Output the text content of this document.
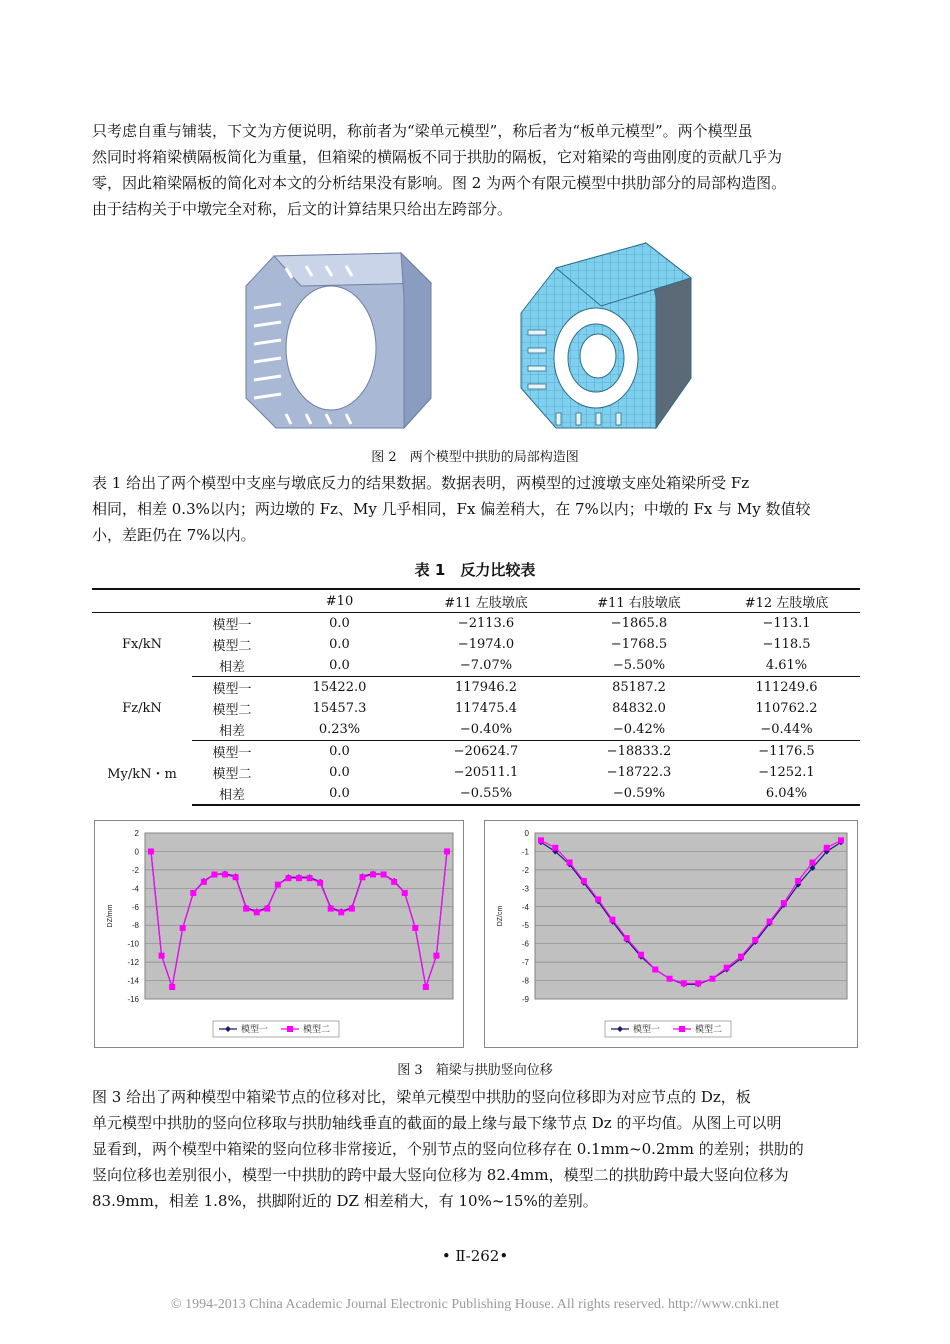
只考虑自重与铺装，下文为方便说明，称前者为“梁单元模型”，称后者为“板单元模型”。两个模型虽
然同时将箱梁横隔板简化为重量，但箱梁的横隔板不同于拱肋的隔板，它对箱梁的弯曲刚度的贡献几乎为
零，因此箱梁隔板的简化对本文的分析结果没有影响。图 2 为两个有限元模型中拱肋部分的局部构造图。
由于结构关于中墩完全对称，后文的计算结果只给出左跨部分。
图 2　两个模型中拱肋的局部构造图
表 1 给出了两个模型中支座与墩底反力的结果数据。数据表明，两模型的过渡墩支座处箱梁所受 Fz
相同，相差 0.3%以内；两边墩的 Fz、My 几乎相同，Fx 偏差稍大，在 7%以内；中墩的 Fx 与 My 数值较
小，差距仍在 7%以内。
表 1　反力比较表
		#10	#11 左肢墩底	#11 右肢墩底	#12 左肢墩底
Fx/kN	模型一	0.0	−2113.6	−1865.8	−113.1
	模型二	0.0	−1974.0	−1768.5	−118.5
	相差	0.0	−7.07%	−5.50%	4.61%
Fz/kN	模型一	15422.0	117946.2	85187.2	111249.6
	模型二	15457.3	117475.4	84832.0	110762.2
	相差	0.23%	−0.40%	−0.42%	−0.44%
My/kN・m	模型一	0.0	−20624.7	−18833.2	−1176.5
	模型二	0.0	−20511.1	−18722.3	−1252.1
	相差	0.0	−0.55%	−0.59%	6.04%
2
0
-2
-4
-6
-8
-10
-12
-14
-16
DZ/mm
模型一	模型二
0
-1
-2
-3
-4
-5
-6
-7
-8
-9
DZ/cm
模型一	模型二
图 3　箱梁与拱肋竖向位移
图 3 给出了两种模型中箱梁节点的位移对比，梁单元模型中拱肋的竖向位移即为对应节点的 Dz，板
单元模型中拱肋的竖向位移取与拱肋轴线垂直的截面的最上缘与最下缘节点 Dz 的平均值。从图上可以明
显看到，两个模型中箱梁的竖向位移非常接近，个别节点的竖向位移存在 0.1mm~0.2mm 的差别；拱肋的
竖向位移也差别很小，模型一中拱肋的跨中最大竖向位移为 82.4mm，模型二的拱肋跨中最大竖向位移为
83.9mm，相差 1.8%，拱脚附近的 DZ 相差稍大，有 10%~15%的差别。
• Ⅱ-262•
© 1994-2013 China Academic Journal Electronic Publishing House. All rights reserved. http://www.cnki.net
